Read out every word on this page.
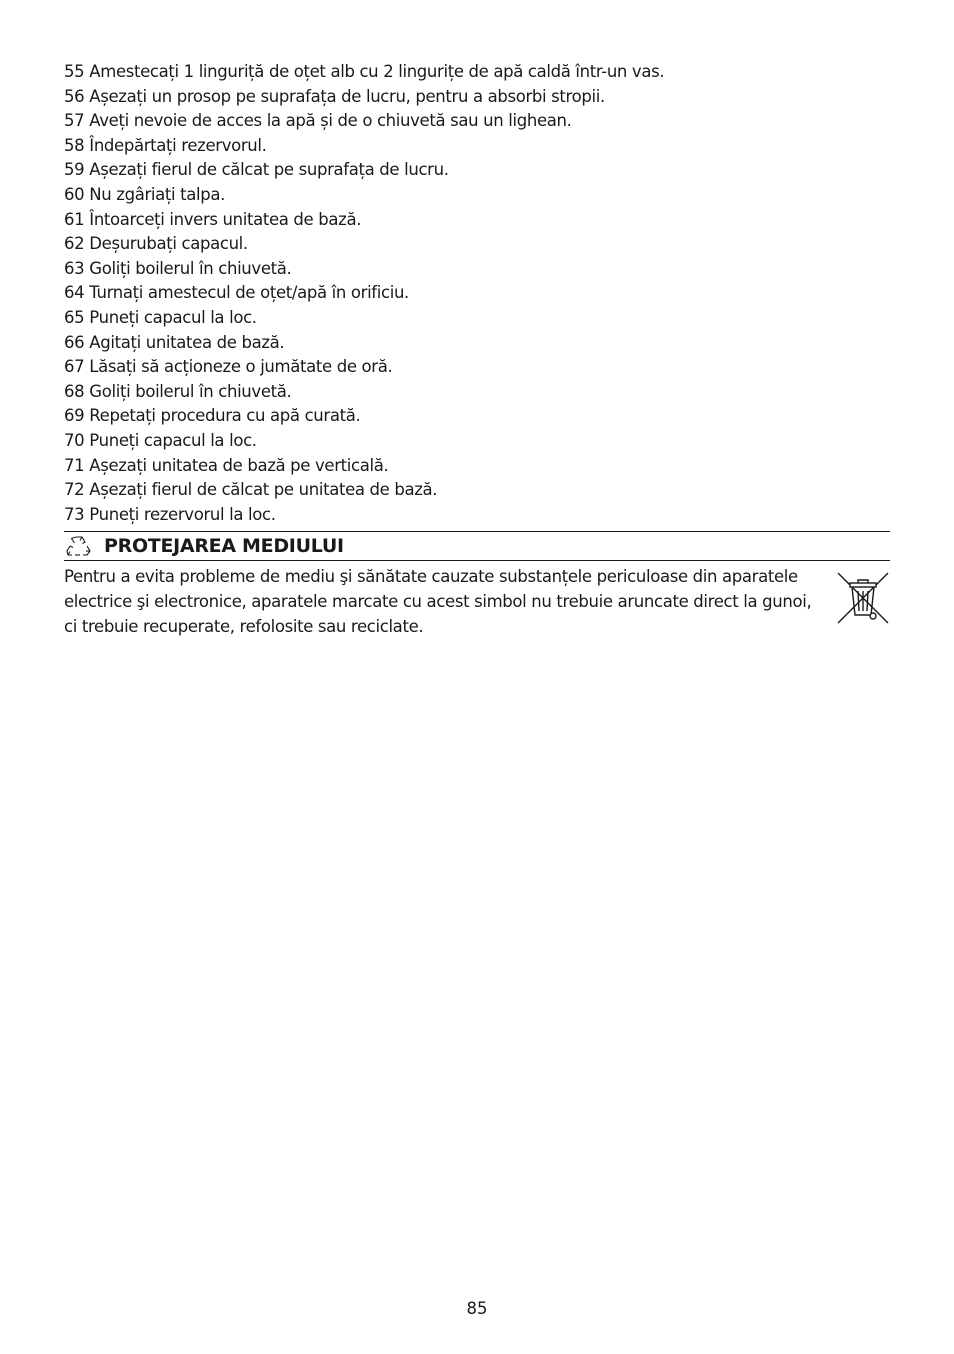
55 Amestecați 1 linguriță de oțet alb cu 2 lingurițe de apă caldă într-un vas.
56 Așezați un prosop pe suprafața de lucru, pentru a absorbi stropii.
57 Aveți nevoie de acces la apă și de o chiuvetă sau un lighean.
58 Îndepărtați rezervorul.
59 Așezați fierul de călcat pe suprafața de lucru.
60 Nu zgâriați talpa.
61 Întoarceți invers unitatea de bază.
62 Deșurubați capacul.
63 Goliți boilerul în chiuvetă.
64 Turnați amestecul de oțet/apă în orificiu.
65 Puneți capacul la loc.
66 Agitați unitatea de bază.
67 Lăsați să acționeze o jumătate de oră.
68 Goliți boilerul în chiuvetă.
69 Repetați procedura cu apă curată.
70 Puneți capacul la loc.
71 Așezați unitatea de bază pe verticală.
72 Așezați fierul de călcat pe unitatea de bază.
73 Puneți rezervorul la loc.
PROTEJAREA MEDIULUI
Pentru a evita probleme de mediu şi sănătate cauzate substanțele periculoase din aparatele electrice şi electronice, aparatele marcate cu acest simbol nu trebuie aruncate direct la gunoi, ci trebuie recuperate, refolosite sau reciclate.
85
